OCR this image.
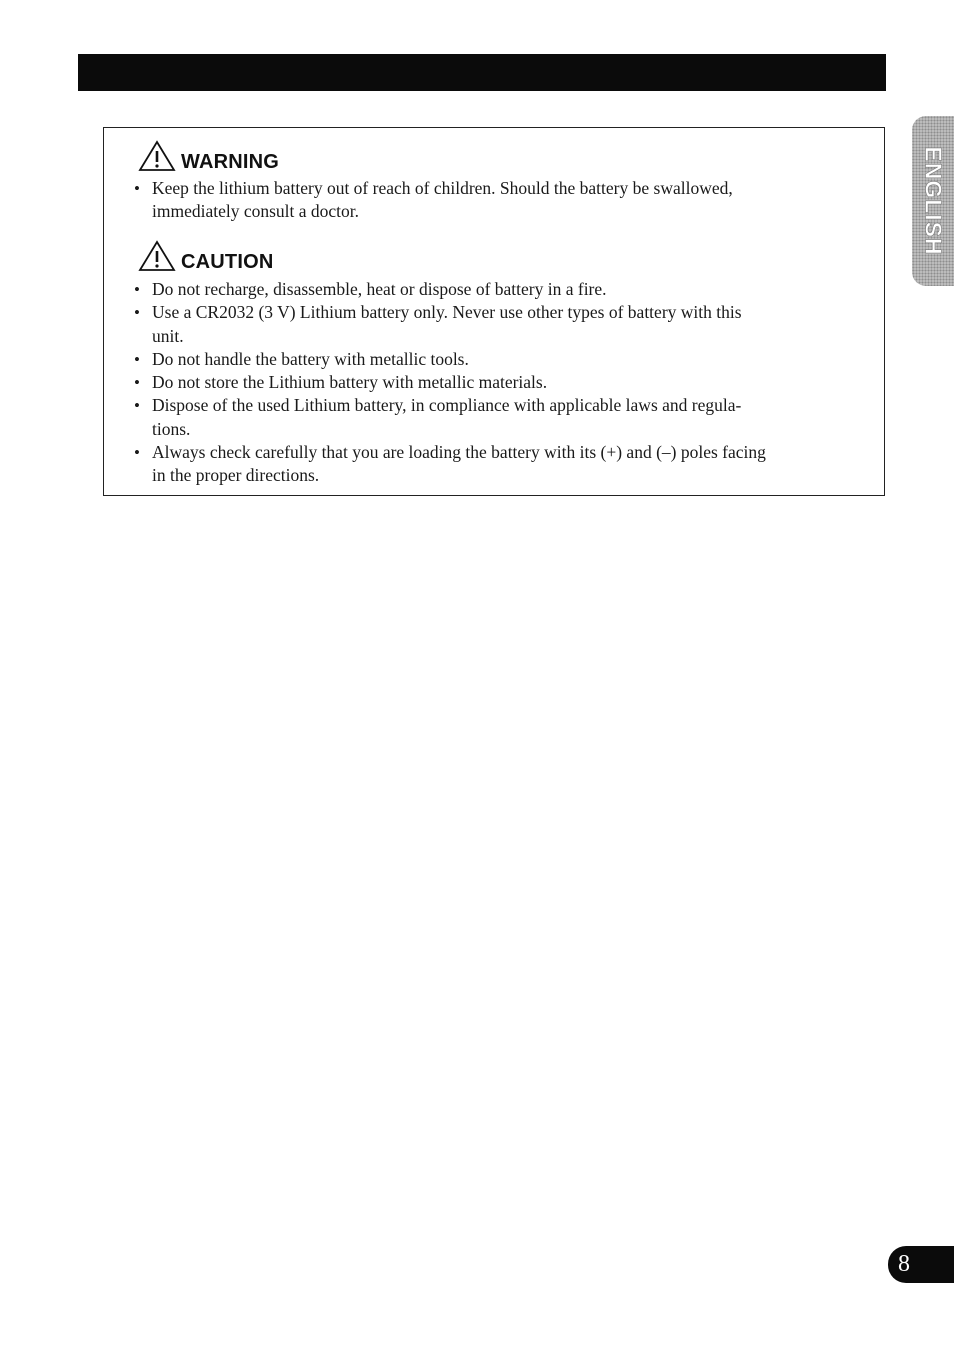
WARNING
• Keep the lithium battery out of reach of children. Should the battery be swallowed,
immediately consult a doctor.
CAUTION
• Do not recharge, disassemble, heat or dispose of battery in a fire.
• Use a CR2032 (3 V) Lithium battery only. Never use other types of battery with this
unit.
• Do not handle the battery with metallic tools.
• Do not store the Lithium battery with metallic materials.
• Dispose of the used Lithium battery, in compliance with applicable laws and regula-
tions.
• Always check carefully that you are loading the battery with its (+) and (–) poles facing
in the proper directions.
ENGLISH
8
